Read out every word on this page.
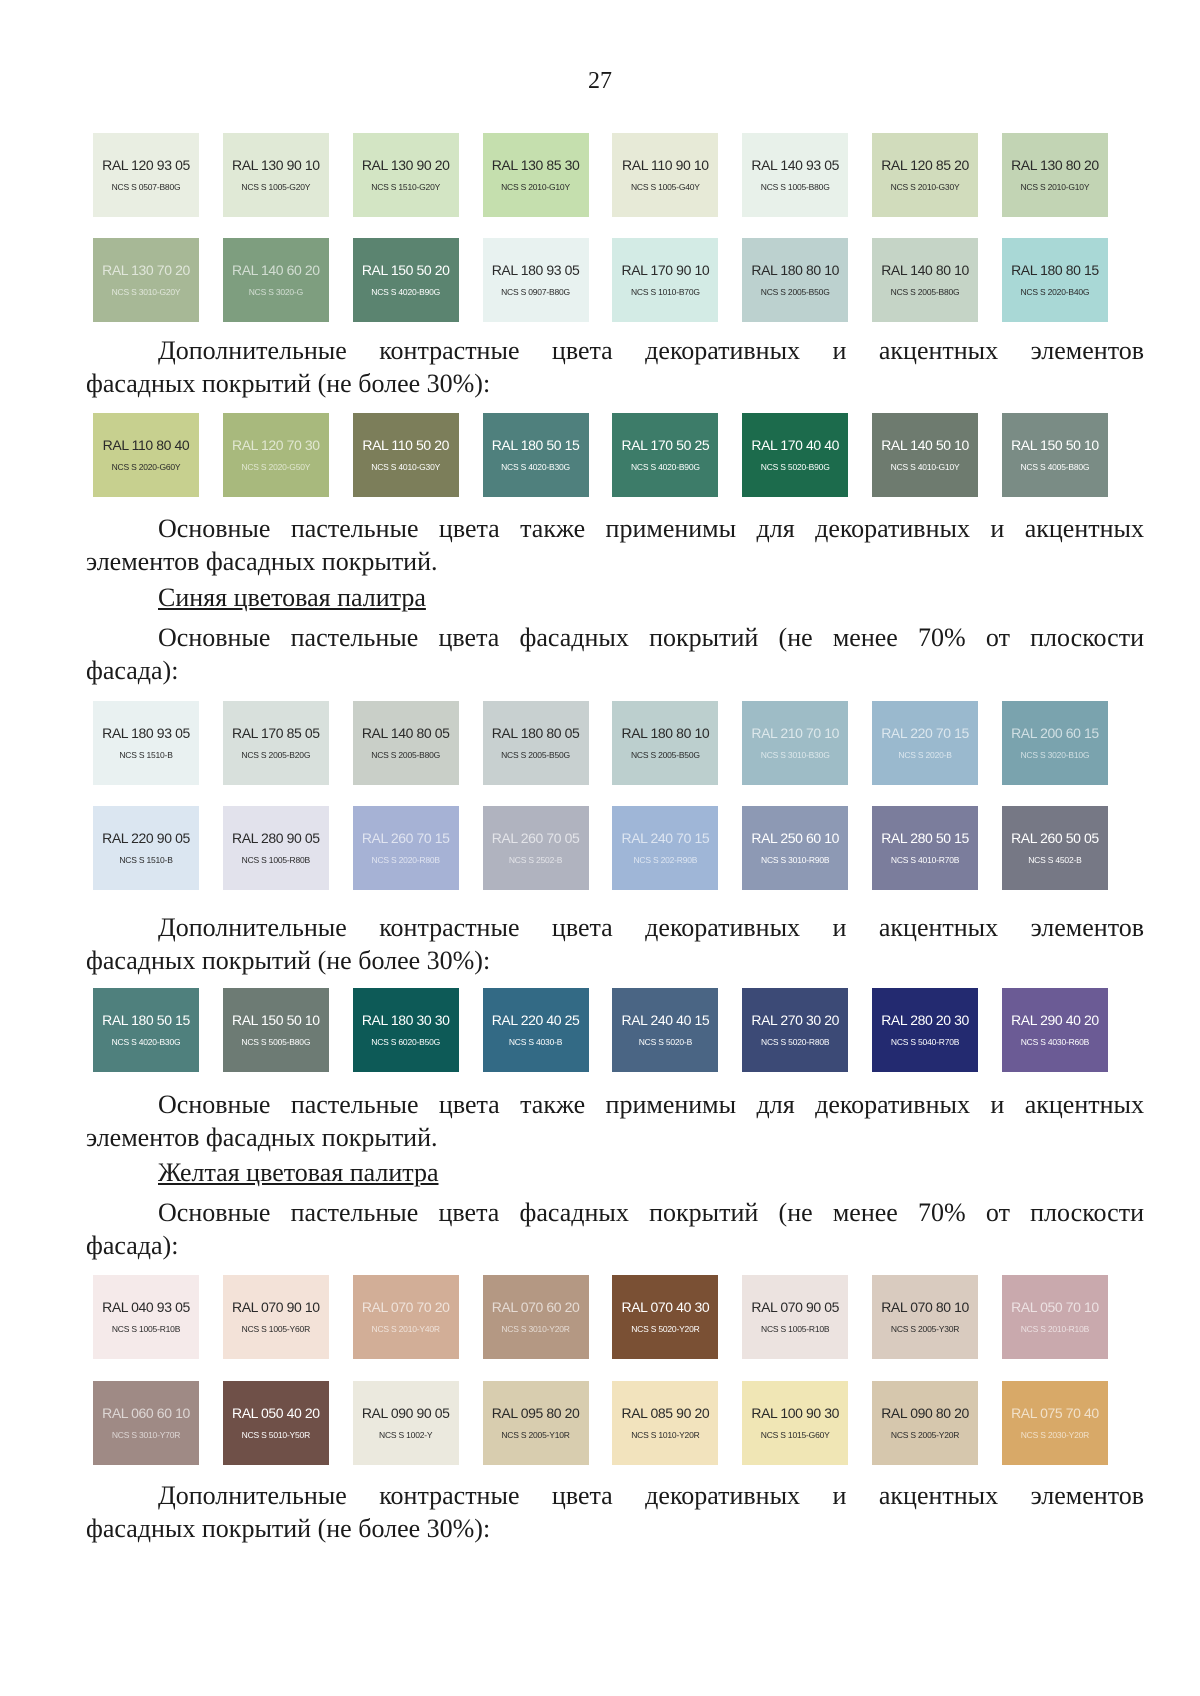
27
RAL 120 93 05
NCS S 0507-B80G
RAL 130 90 10
NCS S 1005-G20Y
RAL 130 90 20
NCS S 1510-G20Y
RAL 130 85 30
NCS S 2010-G10Y
RAL 110 90 10
NCS S 1005-G40Y
RAL 140 93 05
NCS S 1005-B80G
RAL 120 85 20
NCS S 2010-G30Y
RAL 130 80 20
NCS S 2010-G10Y
RAL 130 70 20
NCS S 3010-G20Y
RAL 140 60 20
NCS S 3020-G
RAL 150 50 20
NCS S 4020-B90G
RAL 180 93 05
NCS S 0907-B80G
RAL 170 90 10
NCS S 1010-B70G
RAL 180 80 10
NCS S 2005-B50G
RAL 140 80 10
NCS S 2005-B80G
RAL 180 80 15
NCS S 2020-B40G
Дополнительные контрастные цвета декоративных и акцентных элементов
фасадных покрытий (не более 30%):
RAL 110 80 40
NCS S 2020-G60Y
RAL 120 70 30
NCS S 2020-G50Y
RAL 110 50 20
NCS S 4010-G30Y
RAL 180 50 15
NCS S 4020-B30G
RAL 170 50 25
NCS S 4020-B90G
RAL 170 40 40
NCS S 5020-B90G
RAL 140 50 10
NCS S 4010-G10Y
RAL 150 50 10
NCS S 4005-B80G
Основные пастельные цвета также применимы для декоративных и акцентных
элементов фасадных покрытий.
Синяя цветовая палитра
Основные пастельные цвета фасадных покрытий (не менее 70% от плоскости
фасада):
RAL 180 93 05
NCS S 1510-B
RAL 170 85 05
NCS S 2005-B20G
RAL 140 80 05
NCS S 2005-B80G
RAL 180 80 05
NCS S 2005-B50G
RAL 180 80 10
NCS S 2005-B50G
RAL 210 70 10
NCS S 3010-B30G
RAL 220 70 15
NCS S 2020-B
RAL 200 60 15
NCS S 3020-B10G
RAL 220 90 05
NCS S 1510-B
RAL 280 90 05
NCS S 1005-R80B
RAL 260 70 15
NCS S 2020-R80B
RAL 260 70 05
NCS S 2502-B
RAL 240 70 15
NCS S 202-R90B
RAL 250 60 10
NCS S 3010-R90B
RAL 280 50 15
NCS S 4010-R70B
RAL 260 50 05
NCS S 4502-B
Дополнительные контрастные цвета декоративных и акцентных элементов
фасадных покрытий (не более 30%):
RAL 180 50 15
NCS S 4020-B30G
RAL 150 50 10
NCS S 5005-B80G
RAL 180 30 30
NCS S 6020-B50G
RAL 220 40 25
NCS S 4030-B
RAL 240 40 15
NCS S 5020-B
RAL 270 30 20
NCS S 5020-R80B
RAL 280 20 30
NCS S 5040-R70B
RAL 290 40 20
NCS S 4030-R60B
Основные пастельные цвета также применимы для декоративных и акцентных
элементов фасадных покрытий.
Желтая цветовая палитра
Основные пастельные цвета фасадных покрытий (не менее 70% от плоскости
фасада):
RAL 040 93 05
NCS S 1005-R10B
RAL 070 90 10
NCS S 1005-Y60R
RAL 070 70 20
NCS S 2010-Y40R
RAL 070 60 20
NCS S 3010-Y20R
RAL 070 40 30
NCS S 5020-Y20R
RAL 070 90 05
NCS S 1005-R10B
RAL 070 80 10
NCS S 2005-Y30R
RAL 050 70 10
NCS S 2010-R10B
RAL 060 60 10
NCS S 3010-Y70R
RAL 050 40 20
NCS S 5010-Y50R
RAL 090 90 05
NCS S 1002-Y
RAL 095 80 20
NCS S 2005-Y10R
RAL 085 90 20
NCS S 1010-Y20R
RAL 100 90 30
NCS S 1015-G60Y
RAL 090 80 20
NCS S 2005-Y20R
RAL 075 70 40
NCS S 2030-Y20R
Дополнительные контрастные цвета декоративных и акцентных элементов
фасадных покрытий (не более 30%):
